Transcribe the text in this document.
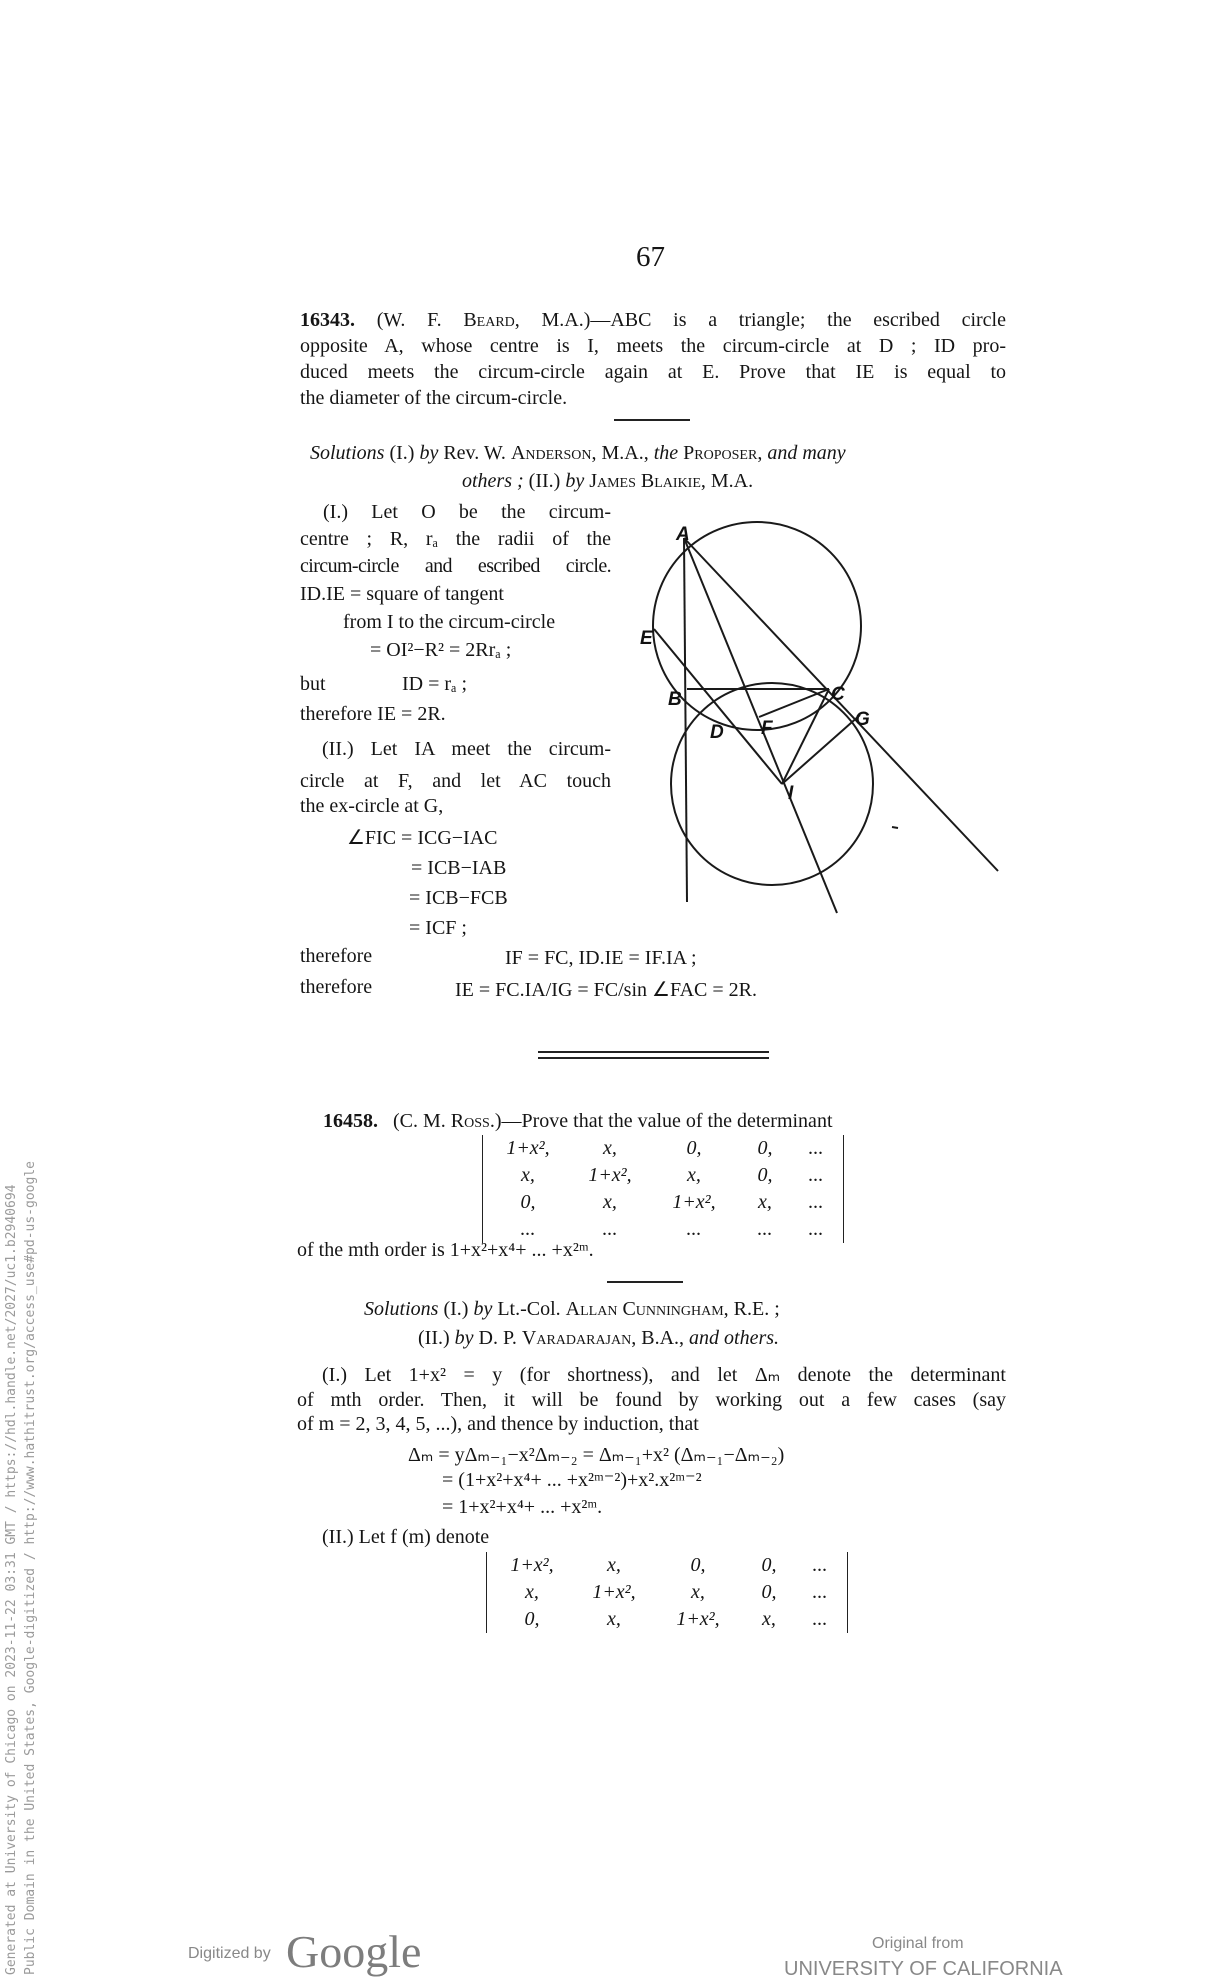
67
16343. (W. F. Beard, M.A.)—ABC is a triangle; the escribed circle
opposite A, whose centre is I, meets the circum-circle at D ; ID pro-
duced meets the circum-circle again at E. Prove that IE is equal to
the diameter of the circum-circle.
Solutions (I.) by Rev. W. Anderson, M.A., the Proposer, and many
others ; (II.) by James Blaikie, M.A.
(I.) Let O be the circum-
centre ; R, rₐ the radii of the
circum-circle and escribed circle.
ID.IE = square of tangent
from I to the circum-circle
= OI²−R² = 2Rrₐ ;
but	ID = rₐ ;
therefore IE = 2R.
(II.) Let IA meet the circum-
circle at F, and let AC touch
the ex-circle at G,
∠FIC = ICG−IAC
= ICB−IAB
= ICB−FCB
= ICF ;
therefore	IF = FC, ID.IE = IF.IA ;
therefore	IE = FC.IA/IG = FC/sin ∠FAC = 2R.
A
E
B	C
D F	G
I
16458. (C. M. Ross.)—Prove that the value of the determinant
1+x²,	x,	0,	0,	...
x,	1+x²,	x,	0,	...
0,	x,	1+x²,	x,	...
...	...	...	...	...
of the mth order is 1+x²+x⁴+ ... +x²ᵐ.
Solutions (I.) by Lt.-Col. Allan Cunningham, R.E. ;
(II.) by D. P. Varadarajan, B.A., and others.
(I.) Let 1+x² = y (for shortness), and let Δₘ denote the determinant
of mth order. Then, it will be found by working out a few cases (say
of m = 2, 3, 4, 5, ...), and thence by induction, that
Δₘ = yΔₘ₋₁−x²Δₘ₋₂ = Δₘ₋₁+x² (Δₘ₋₁−Δₘ₋₂)
= (1+x²+x⁴+ ... +x²ᵐ⁻²)+x².x²ᵐ⁻²
= 1+x²+x⁴+ ... +x²ᵐ.
(II.) Let f (m) denote
1+x²,	x,	0,	0,	...
x,	1+x²,	x,	0,	...
0,	x,	1+x²,	x,	...
Generated at University of Chicago on 2023-11-22 03:31 GMT / https://hdl.handle.net/2027/uc1.b2940694 Public Domain in the United States, Google-digitized / http://www.hathitrust.org/access_use#pd-us-google	Digitized by Google	Original from
UNIVERSITY OF CALIFORNIA
